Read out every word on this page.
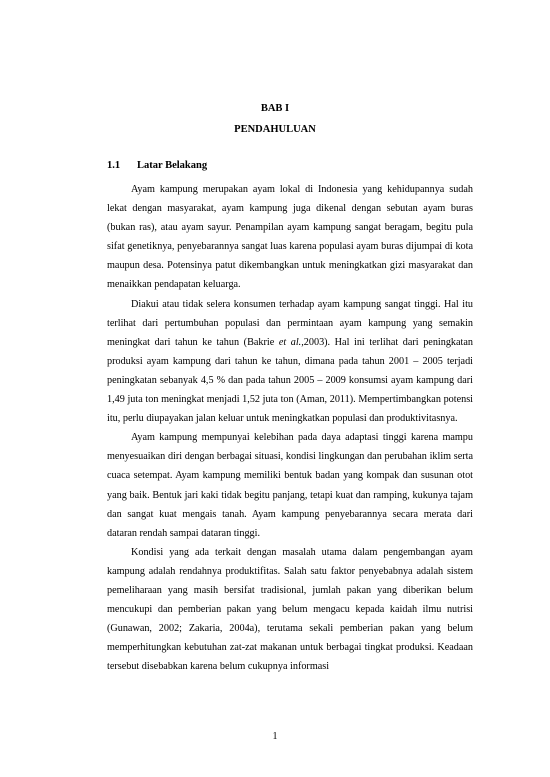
BAB I
PENDAHULUAN
1.1 Latar Belakang

Ayam kampung merupakan ayam lokal di Indonesia yang kehidupannya sudah lekat dengan masyarakat, ayam kampung juga dikenal dengan sebutan ayam buras (bukan ras), atau ayam sayur. Penampilan ayam kampung sangat beragam, begitu pula sifat genetiknya, penyebarannya sangat luas karena populasi ayam buras dijumpai di kota maupun desa. Potensinya patut dikembangkan untuk meningkatkan gizi masyarakat dan menaikkan pendapatan keluarga.

Diakui atau tidak selera konsumen terhadap ayam kampung sangat tinggi. Hal itu terlihat dari pertumbuhan populasi dan permintaan ayam kampung yang semakin meningkat dari tahun ke tahun (Bakrie et al.,2003). Hal ini terlihat dari peningkatan produksi ayam kampung dari tahun ke tahun, dimana pada tahun 2001 – 2005 terjadi peningkatan sebanyak 4,5 % dan pada tahun 2005 – 2009 konsumsi ayam kampung dari 1,49 juta ton meningkat menjadi 1,52 juta ton (Aman, 2011). Mempertimbangkan potensi itu, perlu diupayakan jalan keluar untuk meningkatkan populasi dan produktivitasnya.

Ayam kampung mempunyai kelebihan pada daya adaptasi tinggi karena mampu menyesuaikan diri dengan berbagai situasi, kondisi lingkungan dan perubahan iklim serta cuaca setempat. Ayam kampung memiliki bentuk badan yang kompak dan susunan otot yang baik. Bentuk jari kaki tidak begitu panjang, tetapi kuat dan ramping, kukunya tajam dan sangat kuat mengais tanah. Ayam kampung penyebarannya secara merata dari dataran rendah sampai dataran tinggi.

Kondisi yang ada terkait dengan masalah utama dalam pengembangan ayam kampung adalah rendahnya produktifitas. Salah satu faktor penyebabnya adalah sistem pemeliharaan yang masih bersifat tradisional, jumlah pakan yang diberikan belum mencukupi dan pemberian pakan yang belum mengacu kepada kaidah ilmu nutrisi (Gunawan, 2002; Zakaria, 2004a), terutama sekali pemberian pakan yang belum memperhitungkan kebutuhan zat-zat makanan untuk berbagai tingkat produksi. Keadaan tersebut disebabkan karena belum cukupnya informasi

1
